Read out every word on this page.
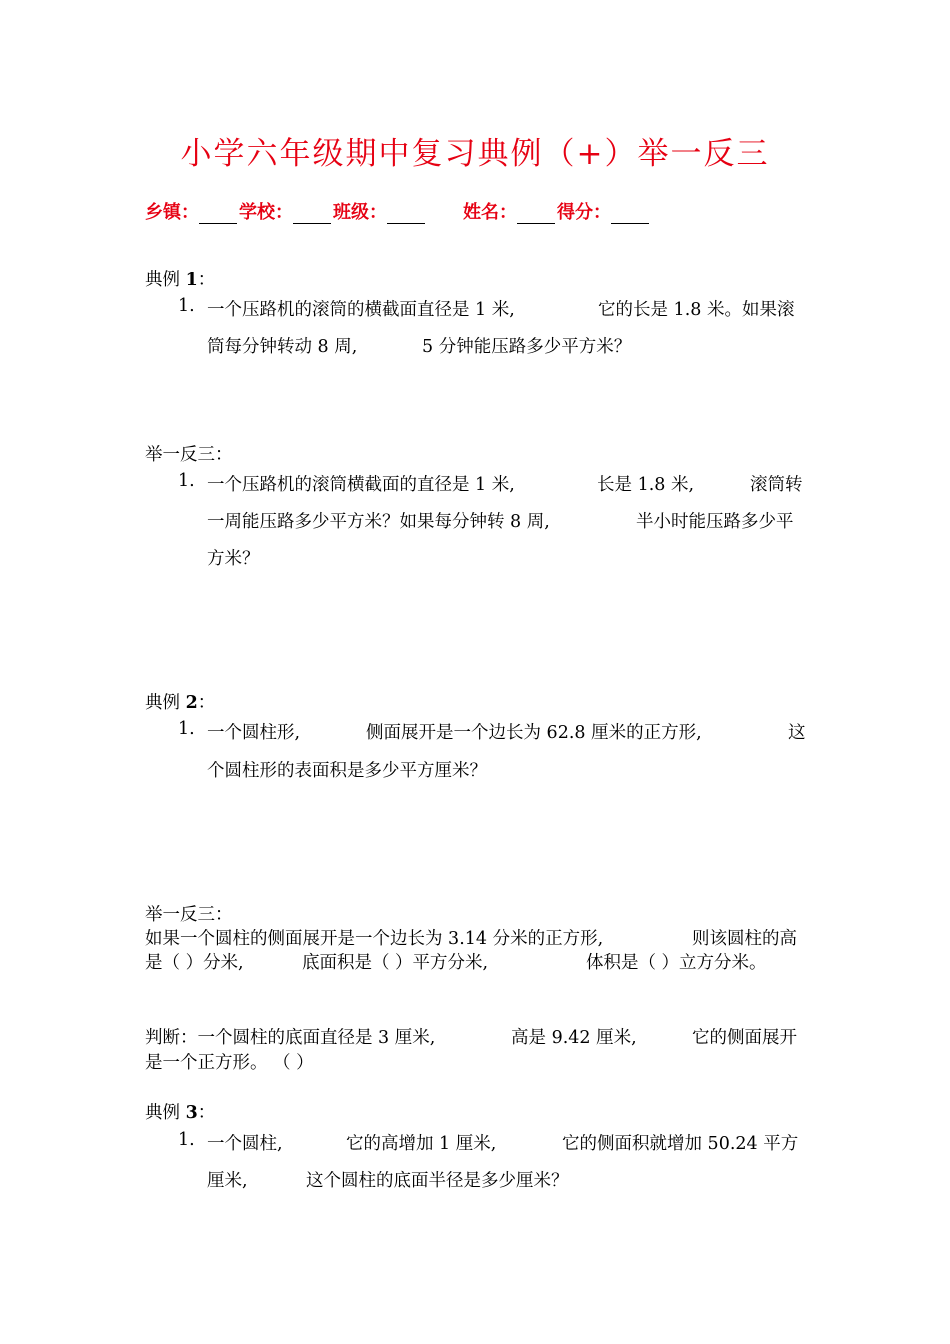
小学六年级期中复习典例（+）举一反三
乡镇： 学校： 班级：	姓名： 得分：
典例 1：
1. 一个压路机的滚筒的横截面直径是 1 米,	它的长是 1.8 米。如果滚
筒每分钟转动 8 周,	5 分钟能压路多少平方米？
举一反三：
1. 一个压路机的滚筒横截面的直径是 1 米,	长是 1.8 米,	滚筒转
一周能压路多少平方米？如果每分钟转 8 周,	半小时能压路多少平
方米？
典例 2：
1. 一个圆柱形,	侧面展开是一个边长为 62.8 厘米的正方形,	这
个圆柱形的表面积是多少平方厘米？
举一反三：
如果一个圆柱的侧面展开是一个边长为 3.14 分米的正方形,	则该圆柱的高
是（ ）分米,	底面积是（ ）平方分米,	体积是（ ）立方分米。
判断：一个圆柱的底面直径是 3 厘米,	高是 9.42 厘米,	它的侧面展开
是一个正方形。 （ ）
典例 3：
1. 一个圆柱,	它的高增加 1 厘米,	它的侧面积就增加 50.24 平方
厘米,	这个圆柱的底面半径是多少厘米？
